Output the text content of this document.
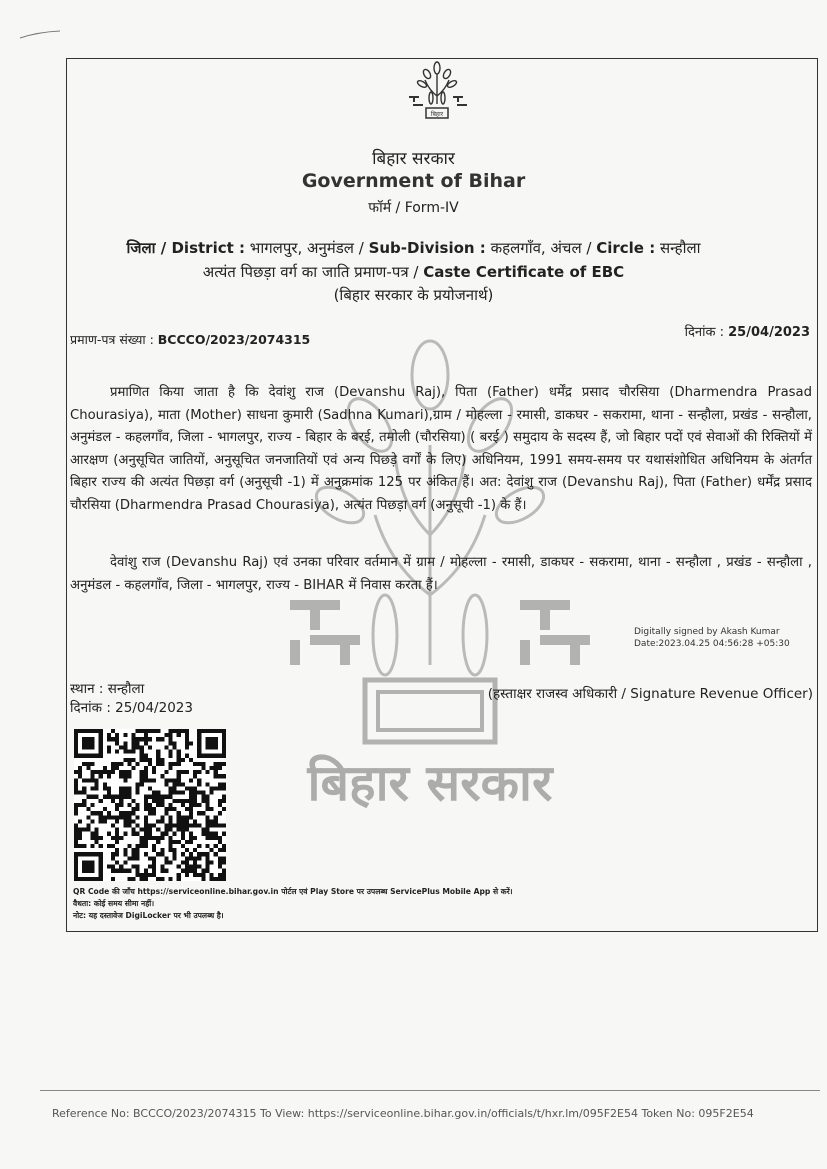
बिहार सरकार
बिहार
बिहार सरकार
Government of Bihar
फॉर्म / Form-IV
जिला / District : भागलपुर, अनुमंडल / Sub-Division : कहलगाँव, अंचल / Circle : सन्हौला
अत्यंत पिछड़ा वर्ग का जाति प्रमाण-पत्र / Caste Certificate of EBC
(बिहार सरकार के प्रयोजनार्थ)
प्रमाण-पत्र संख्या : BCCCO/2023/2074315	दिनांक : 25/04/2023

प्रमाणित किया जाता है कि देवांशु राज (Devanshu Raj), पिता (Father) धर्मेंद्र प्रसाद चौरसिया (Dharmendra Prasad Chourasiya), माता (Mother) साधना कुमारी (Sadhna Kumari),ग्राम / मोहल्ला - रमासी, डाकघर - सकरामा, थाना - सन्हौला, प्रखंड - सन्हौला, अनुमंडल - कहलगाँव, जिला - भागलपुर, राज्य - बिहार के बरई, तमोली (चौरसिया) ( बरई ) समुदाय के सदस्य हैं, जो बिहार पदों एवं सेवाओं की रिक्तियों में आरक्षण (अनुसूचित जातियों, अनुसूचित जनजातियों एवं अन्य पिछड़े वर्गों के लिए) अधिनियम, 1991 समय-समय पर यथासंशोधित अधिनियम के अंतर्गत बिहार राज्य की अत्यंत पिछड़ा वर्ग (अनुसूची -1) में अनुक्रमांक 125 पर अंकित हैं। अत: देवांशु राज (Devanshu Raj), पिता (Father) धर्मेंद्र प्रसाद चौरसिया (Dharmendra Prasad Chourasiya), अत्यंत पिछड़ा वर्ग (अनुसूची -1) के हैं।

देवांशु राज (Devanshu Raj) एवं उनका परिवार वर्तमान में ग्राम / मोहल्ला - रमासी, डाकघर - सकरामा, थाना - सन्हौला , प्रखंड - सन्हौला , अनुमंडल - कहलगाँव, जिला - भागलपुर, राज्य - BIHAR में निवास करता हैं।

Digitally signed by Akash Kumar
Date:2023.04.25 04:56:28 +05:30
स्थान : सन्हौला
दिनांक : 25/04/2023
(हस्ताक्षर राजस्व अधिकारी / Signature Revenue Officer)
QR Code की जाँच https://serviceonline.bihar.gov.in पोर्टल एवं Play Store पर उपलब्ध ServicePlus Mobile App से करें।
वैधता: कोई समय सीमा नहीं।
नोट: यह दस्तावेज DigiLocker पर भी उपलब्ध है।
Reference No: BCCCO/2023/2074315 To View: https://serviceonline.bihar.gov.in/officials/t/hxr.lm/095F2E54 Token No: 095F2E54
